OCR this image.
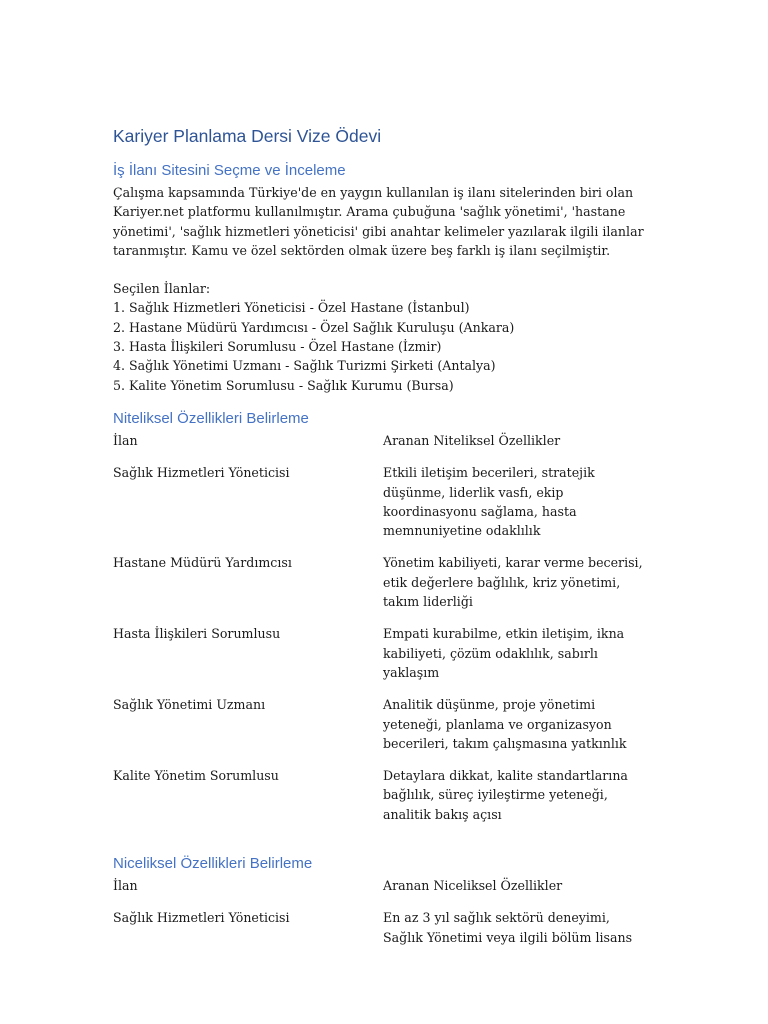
Kariyer Planlama Dersi Vize Ödevi
İş İlanı Sitesini Seçme ve İnceleme

Çalışma kapsamında Türkiye'de en yaygın kullanılan iş ilanı sitelerinden biri olan Kariyer.net platformu kullanılmıştır. Arama çubuğuna 'sağlık yönetimi', 'hastane yönetimi', 'sağlık hizmetleri yöneticisi' gibi anahtar kelimeler yazılarak ilgili ilanlar taranmıştır. Kamu ve özel sektörden olmak üzere beş farklı iş ilanı seçilmiştir.

Seçilen İlanlar:

1. Sağlık Hizmetleri Yöneticisi - Özel Hastane (İstanbul)

2. Hastane Müdürü Yardımcısı - Özel Sağlık Kuruluşu (Ankara)

3. Hasta İlişkileri Sorumlusu - Özel Hastane (İzmir)

4. Sağlık Yönetimi Uzmanı - Sağlık Turizmi Şirketi (Antalya)

5. Kalite Yönetim Sorumlusu - Sağlık Kurumu (Bursa)

Niteliksel Özellikleri Belirleme
İlan	Aranan Niteliksel Özellikler
Sağlık Hizmetleri Yöneticisi	Etkili iletişim becerileri, stratejik düşünme, liderlik vasfı, ekip koordinasyonu sağlama, hasta memnuniyetine odaklılık
Hastane Müdürü Yardımcısı	Yönetim kabiliyeti, karar verme becerisi, etik değerlere bağlılık, kriz yönetimi, takım liderliği
Hasta İlişkileri Sorumlusu	Empati kurabilme, etkin iletişim, ikna kabiliyeti, çözüm odaklılık, sabırlı yaklaşım
Sağlık Yönetimi Uzmanı	Analitik düşünme, proje yönetimi yeteneği, planlama ve organizasyon becerileri, takım çalışmasına yatkınlık
Kalite Yönetim Sorumlusu	Detaylara dikkat, kalite standartlarına bağlılık, süreç iyileştirme yeteneği, analitik bakış açısı
Niceliksel Özellikleri Belirleme
İlan	Aranan Niceliksel Özellikler
Sağlık Hizmetleri Yöneticisi	En az 3 yıl sağlık sektörü deneyimi, Sağlık Yönetimi veya ilgili bölüm lisans
